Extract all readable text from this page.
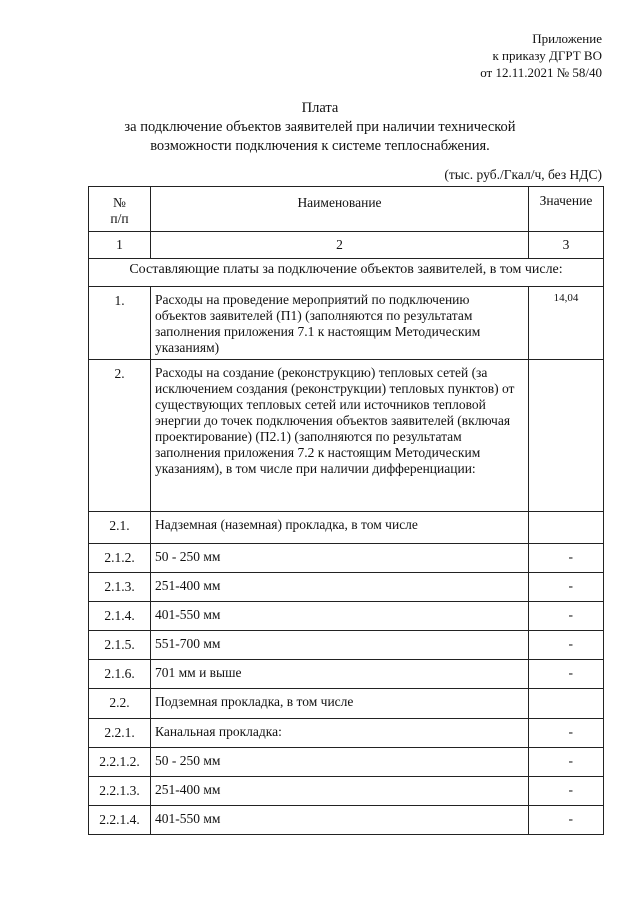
Приложение
к приказу ДГРТ ВО
от 12.11.2021 № 58/40
Плата
за подключение объектов заявителей при наличии технической
возможности подключения к системе теплоснабжения.
(тыс. руб./Гкал/ч, без НДС)
№
п/п	Наименование	Значение
1	2	3
Составляющие платы за подключение объектов заявителей, в том числе:		
1.	Расходы на проведение мероприятий по подключению объектов заявителей (П1) (заполняются по результатам заполнения приложения 7.1 к настоящим Методическим указаниям)	14,04
2.	Расходы на создание (реконструкцию) тепловых сетей (за исключением создания (реконструкции) тепловых пунктов) от существующих тепловых сетей или источников тепловой энергии до точек подключения объектов заявителей (включая проектирование) (П2.1) (заполняются по результатам заполнения приложения 7.2 к настоящим Методическим указаниям), в том числе при наличии дифференциации:	
2.1.	Надземная (наземная) прокладка, в том числе	
2.1.2.	50 - 250 мм	-
2.1.3.	251-400 мм	-
2.1.4.	401-550 мм	-
2.1.5.	551-700 мм	-
2.1.6.	701 мм и выше	-
2.2.	Подземная прокладка, в том числе	
2.2.1.	Канальная прокладка:	-
2.2.1.2.	50 - 250 мм	-
2.2.1.3.	251-400 мм	-
2.2.1.4.	401-550 мм	-
